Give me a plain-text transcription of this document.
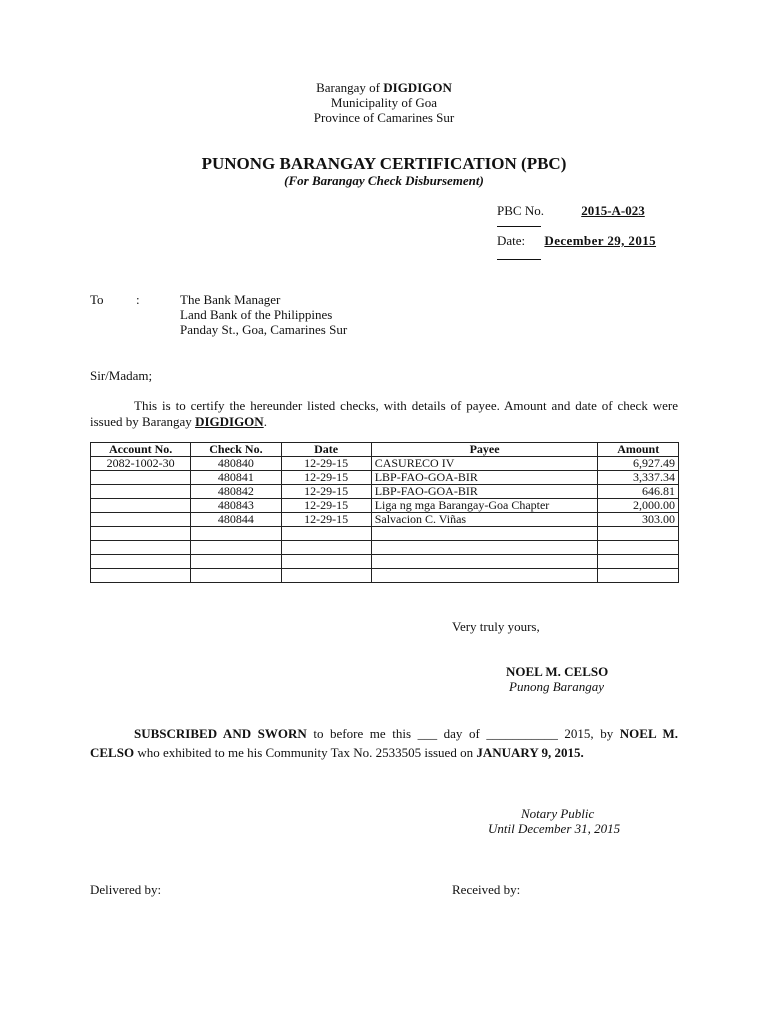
Barangay of DIGDIGON
Municipality of Goa
Province of Camarines Sur
PUNONG BARANGAY CERTIFICATION (PBC)
(For Barangay Check Disbursement)
PBC No.	2015-A-023
Date: December 29, 2015
To :	The Bank Manager
Land Bank of the Philippines
Panday St., Goa, Camarines Sur
Sir/Madam;
This is to certify the hereunder listed checks, with details of payee. Amount and date of check were issued by Barangay DIGDIGON.
Account No.	Check No.	Date	Payee	Amount
2082-1002-30	480840	12-29-15	CASURECO IV	6,927.49
	480841	12-29-15	LBP-FAO-GOA-BIR	3,337.34
	480842	12-29-15	LBP-FAO-GOA-BIR	646.81
	480843	12-29-15	Liga ng mga Barangay-Goa Chapter	2,000.00
	480844	12-29-15	Salvacion C. Viñas	303.00

Very truly yours,
NOEL M. CELSO
Punong Barangay
SUBSCRIBED AND SWORN to before me this ___ day of ___________ 2015, by NOEL M. CELSO who exhibited to me his Community Tax No. 2533505 issued on JANUARY 9, 2015.
Notary Public
Until December 31, 2015
Delivered by:	Received by:
